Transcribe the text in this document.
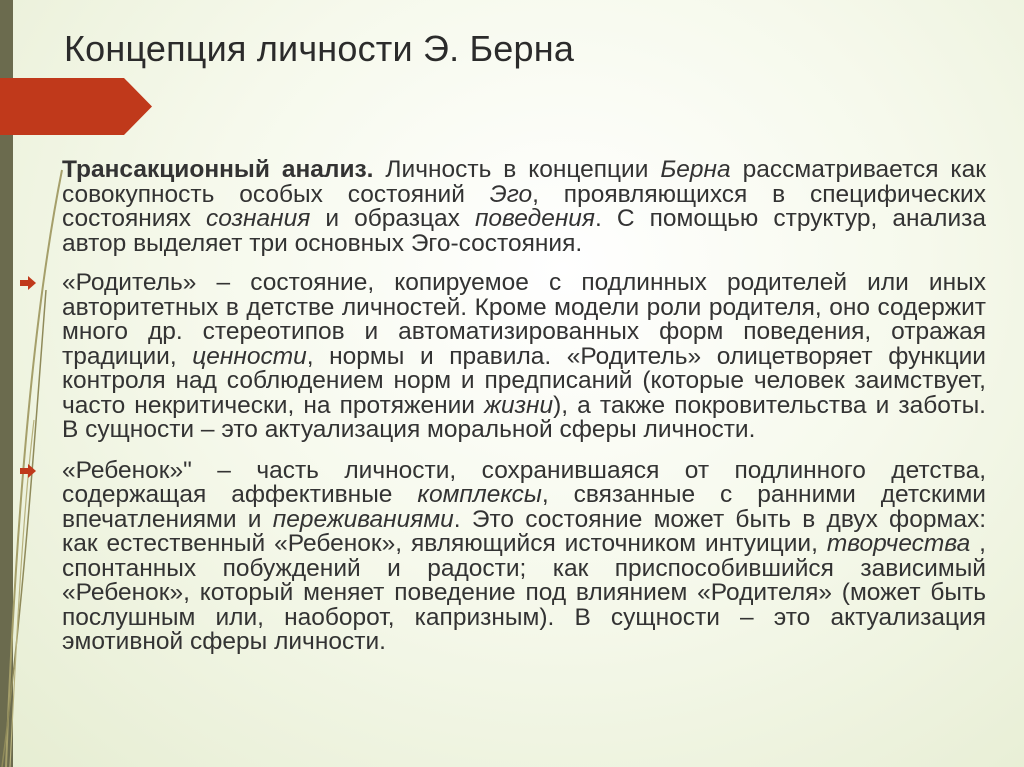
Концепция личности Э. Берна

Трансакционный анализ. Личность в концепции Берна рассматривается как совокупность особых состояний Эго, проявляющихся в специфических состояниях сознания и образцах поведения. С помощью структур, анализа автор выделяет три основных Эго-состояния.

«Родитель» – состояние, копируемое с подлинных родителей или иных авторитетных в детстве личностей. Кроме модели роли родителя, оно содержит много др. стереотипов и автоматизированных форм поведения, отражая традиции, ценности, нормы и правила. «Родитель» олицетворяет функции контроля над соблюдением норм и предписаний (которые человек заимствует, часто некритически, на протяжении жизни), а также покровительства и заботы. В сущности – это актуализация моральной сферы личности.

«Ребенок»" – часть личности, сохранившаяся от подлинного детства, содержащая аффективные комплексы, связанные с ранними детскими впечатлениями и переживаниями. Это состояние может быть в двух формах: как естественный «Ребенок», являющийся источником интуиции, творчества , спонтанных побуждений и радости; как приспособившийся зависимый «Ребенок», который меняет поведение под влиянием «Родителя» (может быть послушным или, наоборот, капризным). В сущности – это актуализация эмотивной сферы личности.
